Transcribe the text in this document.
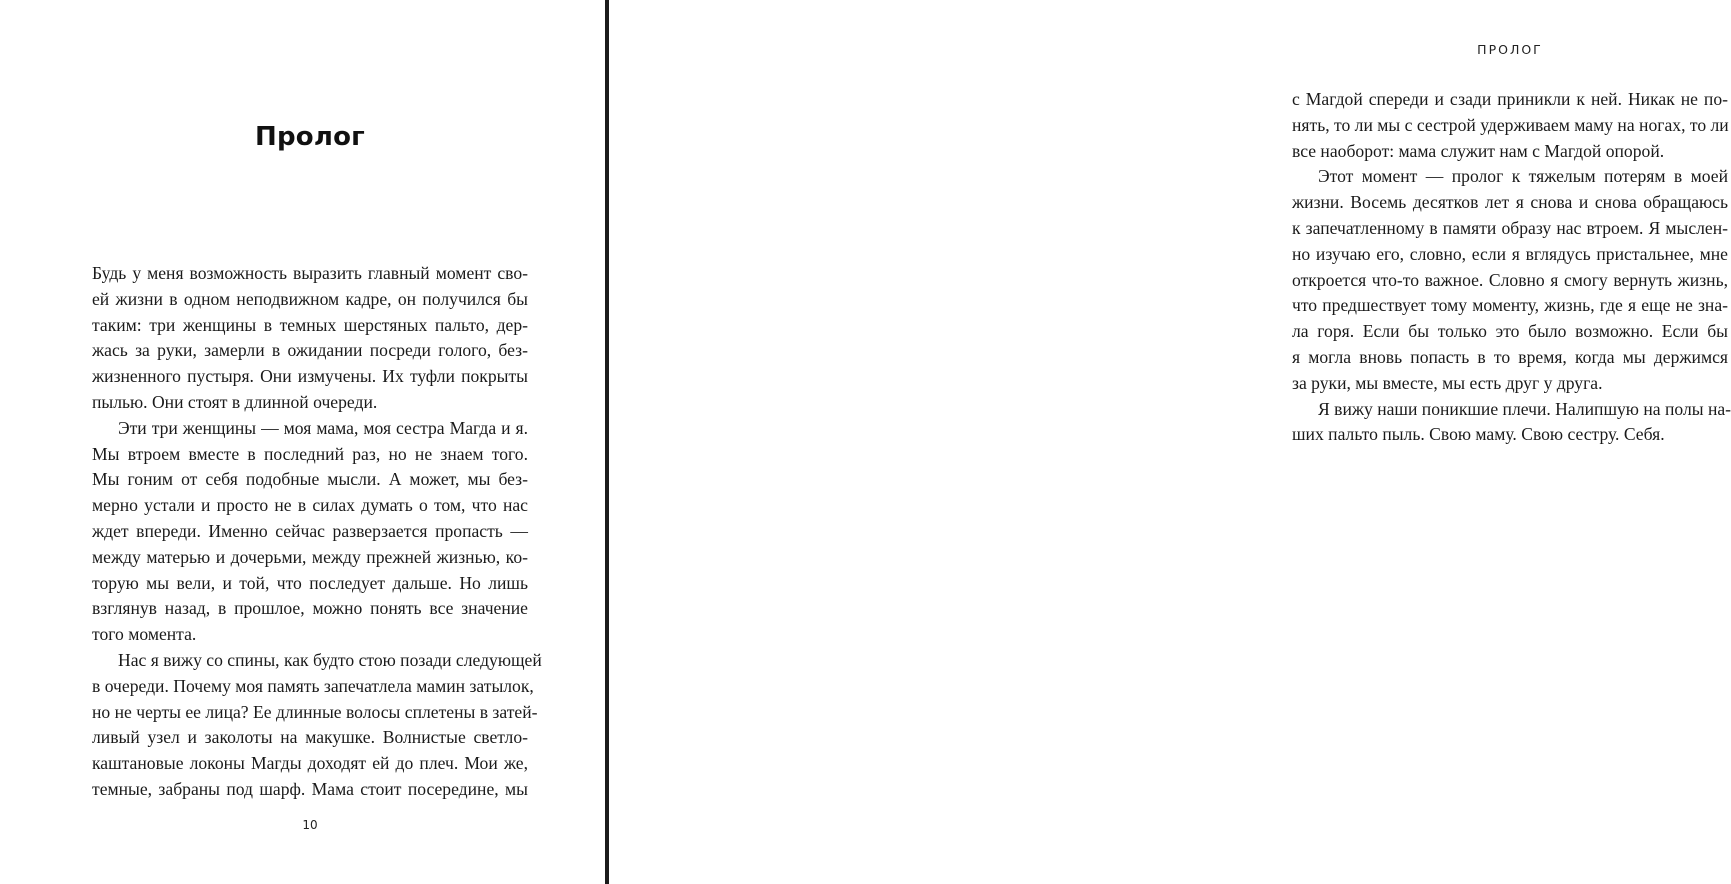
Пролог
Будь у меня возможность выразить главный момент сво-
ей жизни в одном неподвижном кадре, он получился бы
таким: три женщины в темных шерстяных пальто, дер-
жась за руки, замерли в ожидании посреди голого, без-
жизненного пустыря. Они измучены. Их туфли покрыты
пылью. Они стоят в длинной очереди.
Эти три женщины — моя мама, моя сестра Магда и я.
Мы втроем вместе в последний раз, но не знаем того.
Мы гоним от себя подобные мысли. А может, мы без-
мерно устали и просто не в силах думать о том, что нас
ждет впереди. Именно сейчас разверзается пропасть —
между матерью и дочерьми, между прежней жизнью, ко-
торую мы вели, и той, что последует дальше. Но лишь
взглянув назад, в прошлое, можно понять все значение
того момента.
Нас я вижу со спины, как будто стою позади следующей
в очереди. Почему моя память запечатлела мамин затылок,
но не черты ее лица? Ее длинные волосы сплетены в затей-
ливый узел и заколоты на макушке. Волнистые светло-
каштановые локоны Магды доходят ей до плеч. Мои же,
темные, забраны под шарф. Мама стоит посередине, мы
10
ПРОЛОГ
с Магдой спереди и сзади приникли к ней. Никак не по-
нять, то ли мы с сестрой удерживаем маму на ногах, то ли
все наоборот: мама служит нам с Магдой опорой.
Этот момент — пролог к тяжелым потерям в моей
жизни. Восемь десятков лет я снова и снова обращаюсь
к запечатленному в памяти образу нас втроем. Я мыслен-
но изучаю его, словно, если я вглядусь пристальнее, мне
откроется что-то важное. Словно я смогу вернуть жизнь,
что предшествует тому моменту, жизнь, где я еще не зна-
ла горя. Если бы только это было возможно. Если бы
я могла вновь попасть в то время, когда мы держимся
за руки, мы вместе, мы есть друг у друга.
Я вижу наши поникшие плечи. Налипшую на полы на-
ших пальто пыль. Свою маму. Свою сестру. Себя.
